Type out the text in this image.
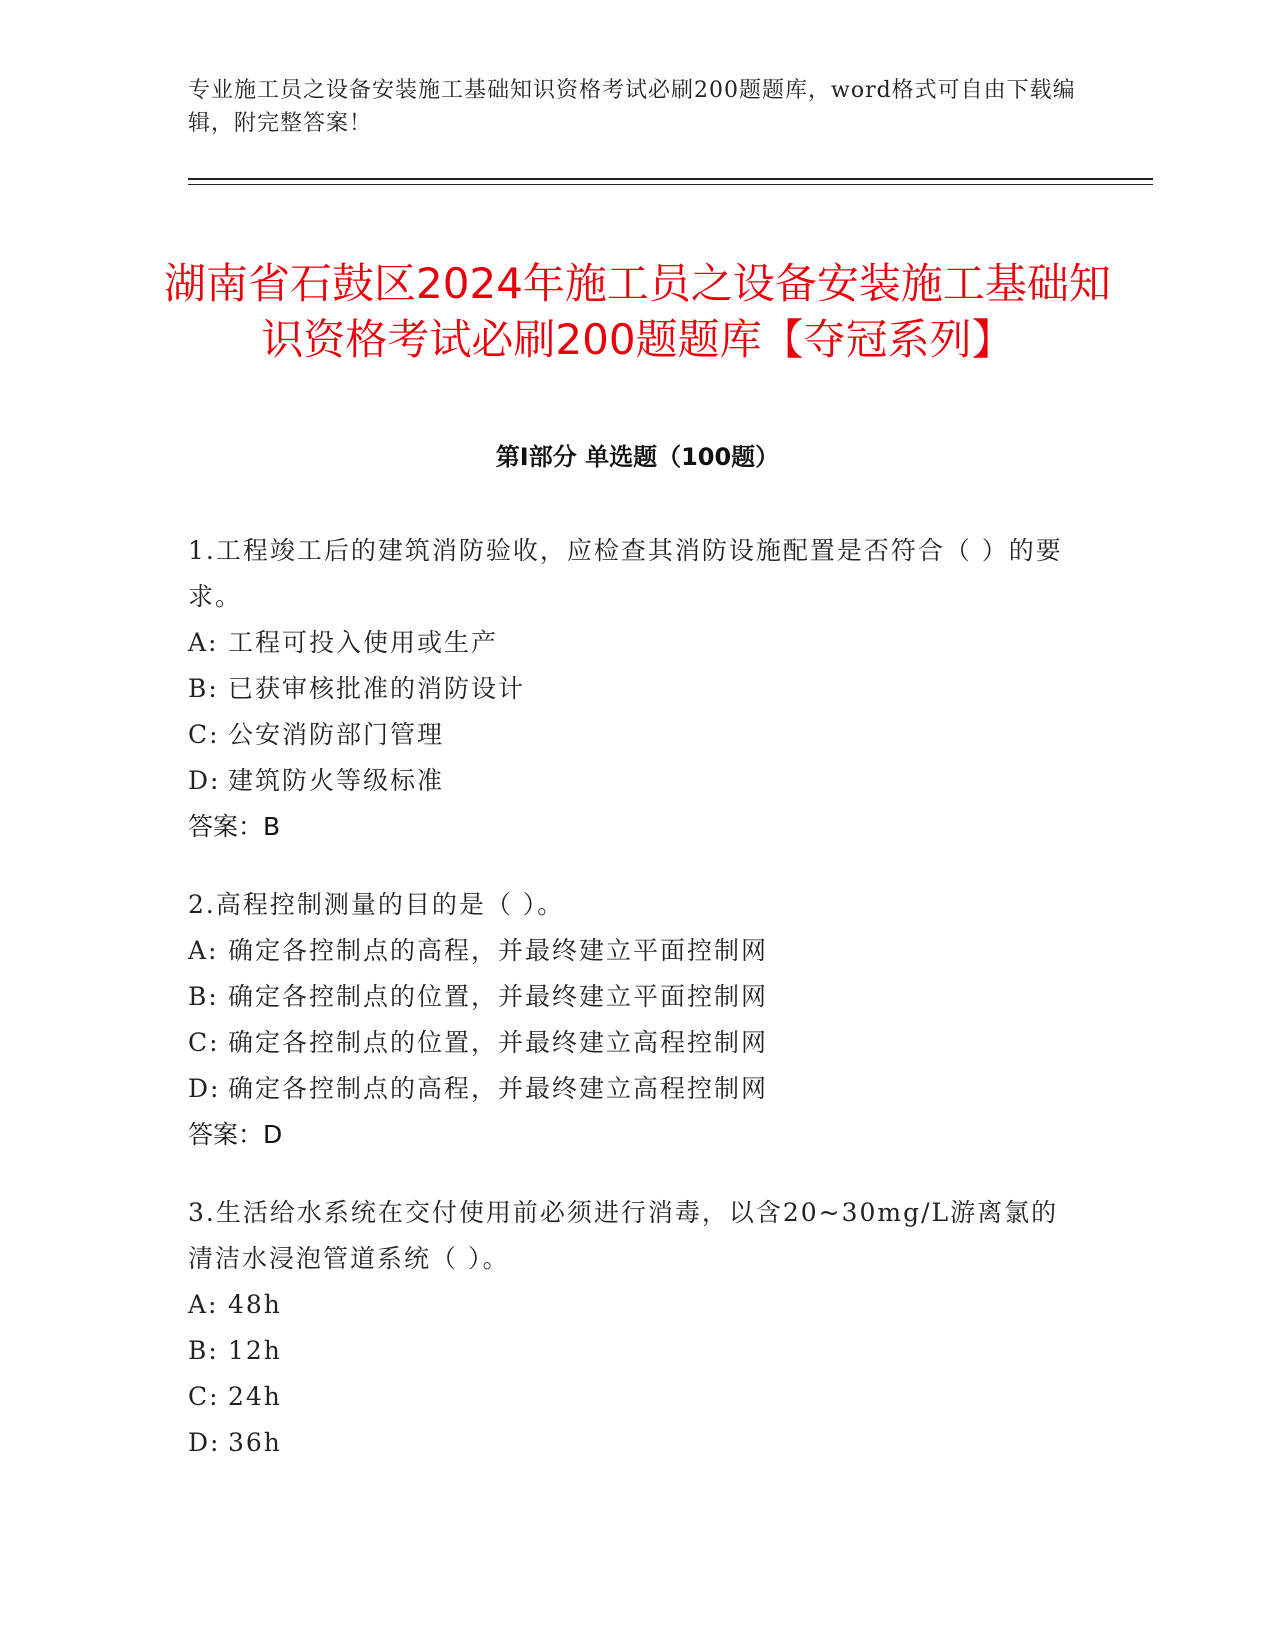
专业施工员之设备安装施工基础知识资格考试必刷200题题库，word格式可自由下载编辑，附完整答案！
湖南省石鼓区2024年施工员之设备安装施工基础知识资格考试必刷200题题库【夺冠系列】
第Ⅰ部分 单选题（100题）
1.工程竣工后的建筑消防验收，应检查其消防设施配置是否符合（ ）的要求。
A: 工程可投入使用或生产
B: 已获审核批准的消防设计
C: 公安消防部门管理
D: 建筑防火等级标准
答案：B
2.高程控制测量的目的是（ ）。
A: 确定各控制点的高程，并最终建立平面控制网
B: 确定各控制点的位置，并最终建立平面控制网
C: 确定各控制点的位置，并最终建立高程控制网
D: 确定各控制点的高程，并最终建立高程控制网
答案：D
3.生活给水系统在交付使用前必须进行消毒，以含20~30mg/L游离氯的清洁水浸泡管道系统（ ）。
A: 48h
B: 12h
C: 24h
D: 36h
